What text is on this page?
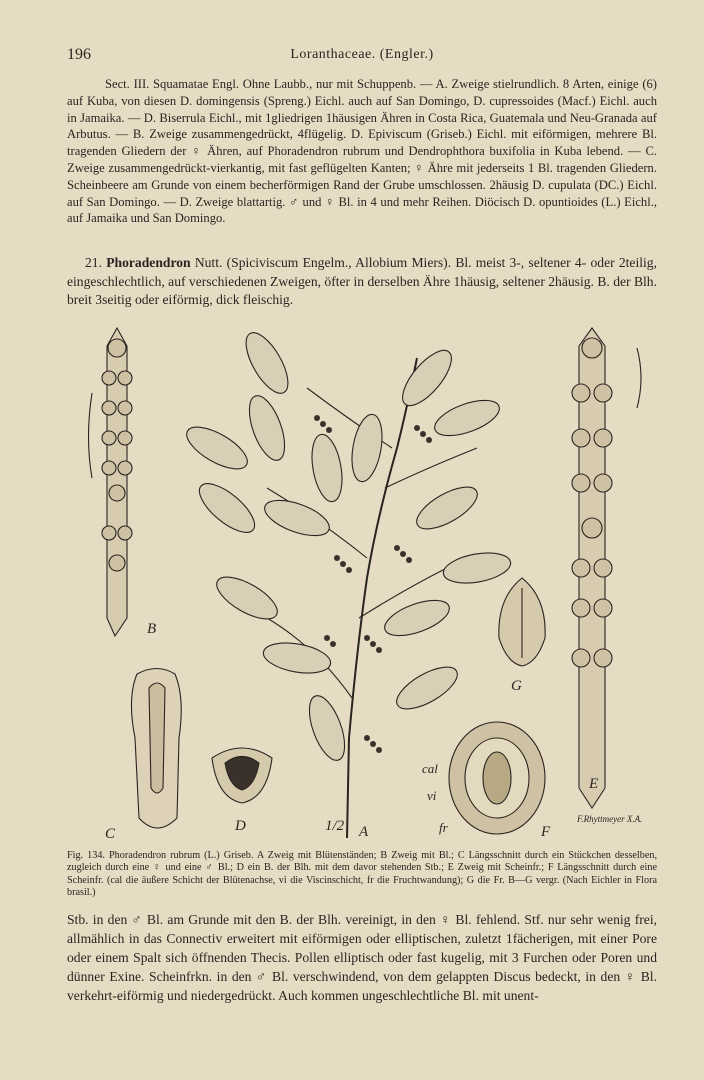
196	Loranthaceae. (Engler.)

Sect. III. Squamatae Engl. Ohne Laubb., nur mit Schuppenb. — A. Zweige stielrundlich. 8 Arten, einige (6) auf Kuba, von diesen D. domingensis (Spreng.) Eichl. auch auf San Domingo, D. cupressoides (Macf.) Eichl. auch in Jamaika. — D. Biserrula Eichl., mit 1gliedrigen 1häusigen Ähren in Costa Rica, Guatemala und Neu-Granada auf Arbutus. — B. Zweige zusammengedrückt, 4flügelig. D. Epiviscum (Griseb.) Eichl. mit eiförmigen, mehrere Bl. tragenden Gliedern der ♀ Ähren, auf Phoradendron rubrum und Dendrophthora buxifolia in Kuba lebend. — C. Zweige zusammengedrückt-vierkantig, mit fast geflügelten Kanten; ♀ Ähre mit jederseits 1 Bl. tragenden Gliedern. Scheinbeere am Grunde von einem becherförmigen Rand der Grube umschlossen. 2häusig D. cupulata (DC.) Eichl. auf San Domingo. — D. Zweige blattartig. ♂ und ♀ Bl. in 4 und mehr Reihen. Diöcisch D. opuntioides (L.) Eichl., auf Jamaika und San Domingo.

21. Phoradendron Nutt. (Spiciviscum Engelm., Allobium Miers). Bl. meist 3-, seltener 4- oder 2teilig, eingeschlechtlich, auf verschiedenen Zweigen, öfter in derselben Ähre 1häusig, seltener 2häusig. B. der Blh. breit 3seitig oder eiförmig, dick fleischig.

B
C	D	1/2 A
G
F
E
cal
vi
fr
F.Rhyttmeyer X.A.

Fig. 134. Phoradendron rubrum (L.) Griseb. A Zweig mit Blütenständen; B Zweig mit Bl.; C Längsschnitt durch ein Stückchen desselben, zugleich durch eine ♀ und eine ♂ Bl.; D ein B. der Blh. mit dem davor stehenden Stb.; E Zweig mit Scheinfr.; F Längsschnitt durch eine Scheinfr. (cal die äußere Schicht der Blütenachse, vi die Viscinschicht, fr die Fruchtwandung); G die Fr. B—G vergr. (Nach Eichler in Flora brasil.)

Stb. in den ♂ Bl. am Grunde mit den B. der Blh. vereinigt, in den ♀ Bl. fehlend. Stf. nur sehr wenig frei, allmählich in das Connectiv erweitert mit eiförmigen oder elliptischen, zuletzt 1fächerigen, mit einer Pore oder einem Spalt sich öffnenden Thecis. Pollen elliptisch oder fast kugelig, mit 3 Furchen oder Poren und dünner Exine. Scheinfrkn. in den ♂ Bl. verschwindend, von dem gelappten Discus bedeckt, in den ♀ Bl. verkehrt-eiförmig und niedergedrückt. Auch kommen ungeschlechtliche Bl. mit unent-
